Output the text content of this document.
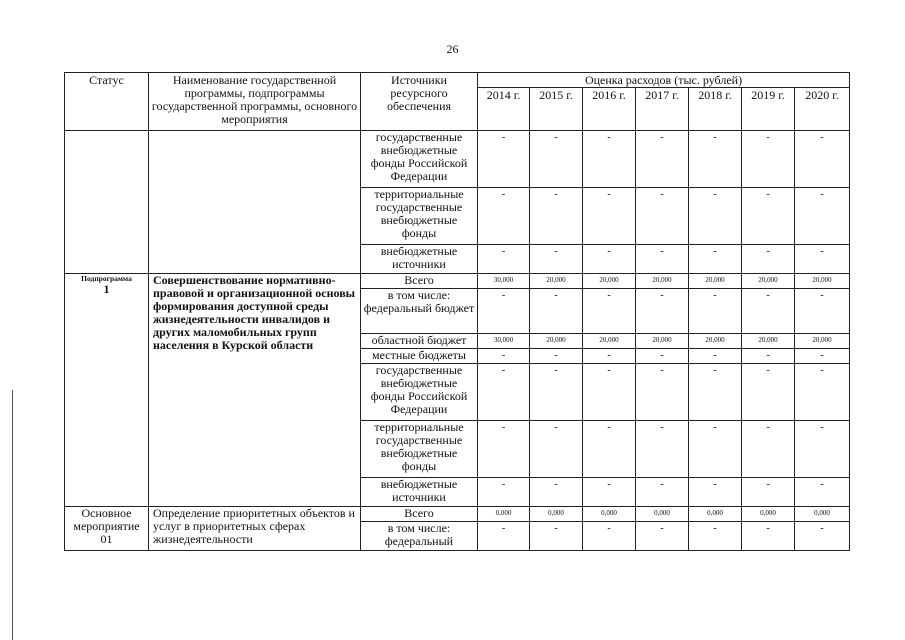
26
Статус	Наименование государственной программы, подпрограммы государственной программы, основного мероприятия	Источники ресурсного обеспечения	Оценка расходов (тыс. рублей)						
			2014 г.	2015 г.	2016 г.	2017 г.	2018 г.	2019 г.	2020 г.
		государственные внебюджетные фонды Российской Федерации	-	-	-	-	-	-	-
		территориальные государственные внебюджетные фонды	-	-	-	-	-	-	-
		внебюджетные источники	-	-	-	-	-	-	-

Подпрограмма
1	Совершенствование нормативно-правовой и организационной основы формирования доступной среды жизнедеятельности инвалидов и других маломобильных групп населения в Курской области	Всего	30,000	20,000	20,000	20,000	20,000	20,000	20,000
		в том числе: федеральный бюджет	-	-	-	-	-	-	-
		областной бюджет	30,000	20,000	20,000	20,000	20,000	20,000	20,000
		местные бюджеты	-	-	-	-	-	-	-
		государственные внебюджетные фонды Российской Федерации	-	-	-	-	-	-	-
		территориальные государственные внебюджетные фонды	-	-	-	-	-	-	-
		внебюджетные источники	-	-	-	-	-	-	-
Основное мероприятие 01	Определение приоритетных объектов и услуг в приоритетных сферах жизнедеятельности	Всего	0,000	0,000	0,000	0,000	0,000	0,000	0,000
		в том числе: федеральный	-	-	-	-	-	-	-
